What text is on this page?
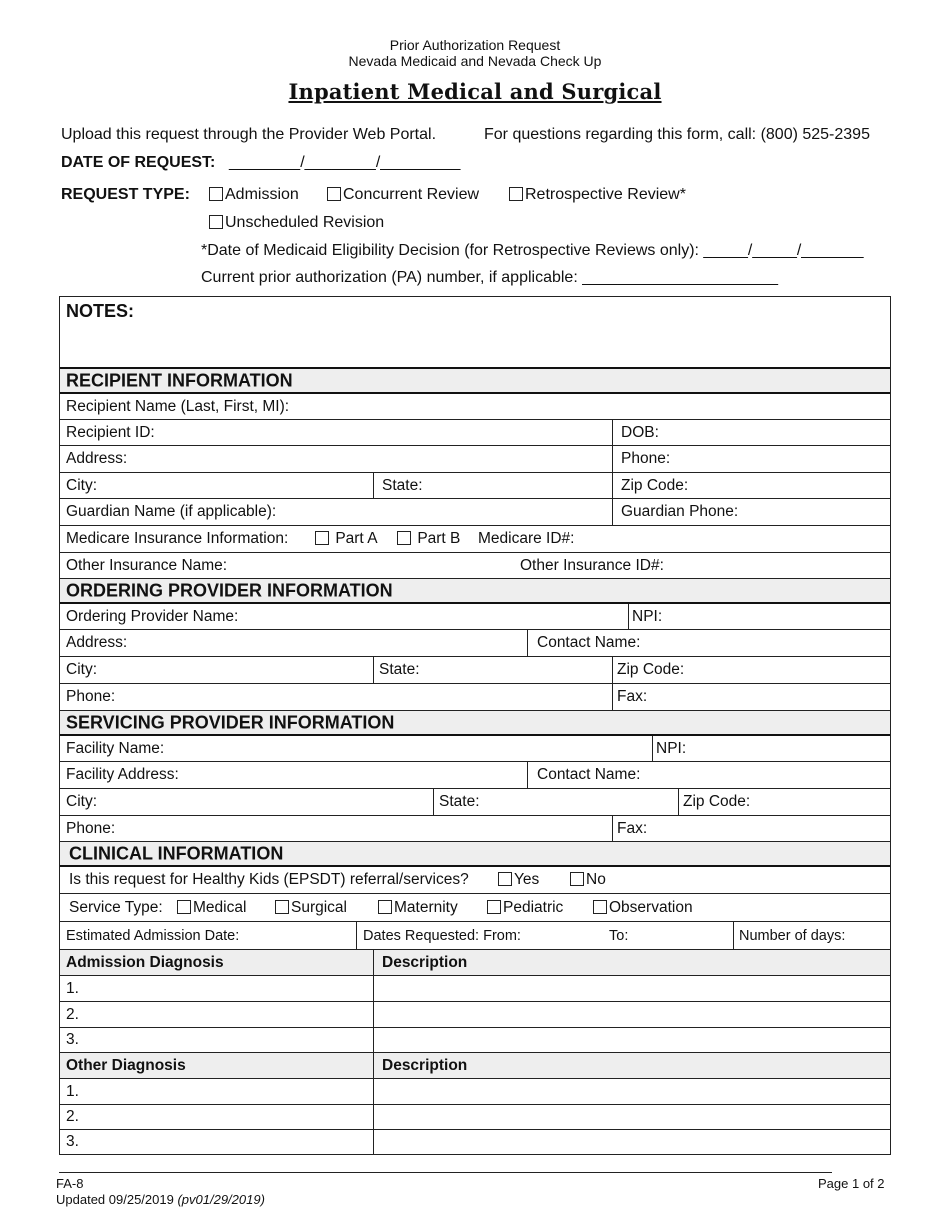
Prior Authorization Request
Nevada Medicaid and Nevada Check Up
Inpatient Medical and Surgical
Upload this request through the Provider Web Portal.	For questions regarding this form, call: (800) 525-2395
DATE OF REQUEST: ________/________/_________
REQUEST TYPE:	Admission	Concurrent Review	Retrospective Review*
Unscheduled Revision
*Date of Medicaid Eligibility Decision (for Retrospective Reviews only): _____/_____/_______
Current prior authorization (PA) number, if applicable: ______________________
NOTES:
RECIPIENT INFORMATION
Recipient Name (Last, First, MI):
Recipient ID:	DOB:
Address:	Phone:
City:	State:	Zip Code:
Guardian Name (if applicable):	Guardian Phone:
Medicare Insurance Information:	Part A	Part B Medicare ID#:
Other Insurance Name:	Other Insurance ID#:
ORDERING PROVIDER INFORMATION
Ordering Provider Name:	NPI:
Address:	Contact Name:
City:	State:	Zip Code:
Phone:	Fax:
SERVICING PROVIDER INFORMATION
Facility Name:	NPI:
Facility Address:	Contact Name:
City:	State:	Zip Code:
Phone:	Fax:
CLINICAL INFORMATION
Is this request for Healthy Kids (EPSDT) referral/services?	Yes	No
Service Type:	Medical	Surgical	Maternity	Pediatric	Observation
Estimated Admission Date:	Dates Requested: From:	To:	Number of days:
Admission Diagnosis	Description
1.
2.
3.
Other Diagnosis	Description
1.
2.
3.
FA-8
Updated 09/25/2019 (pv01/29/2019)
Page 1 of 2
